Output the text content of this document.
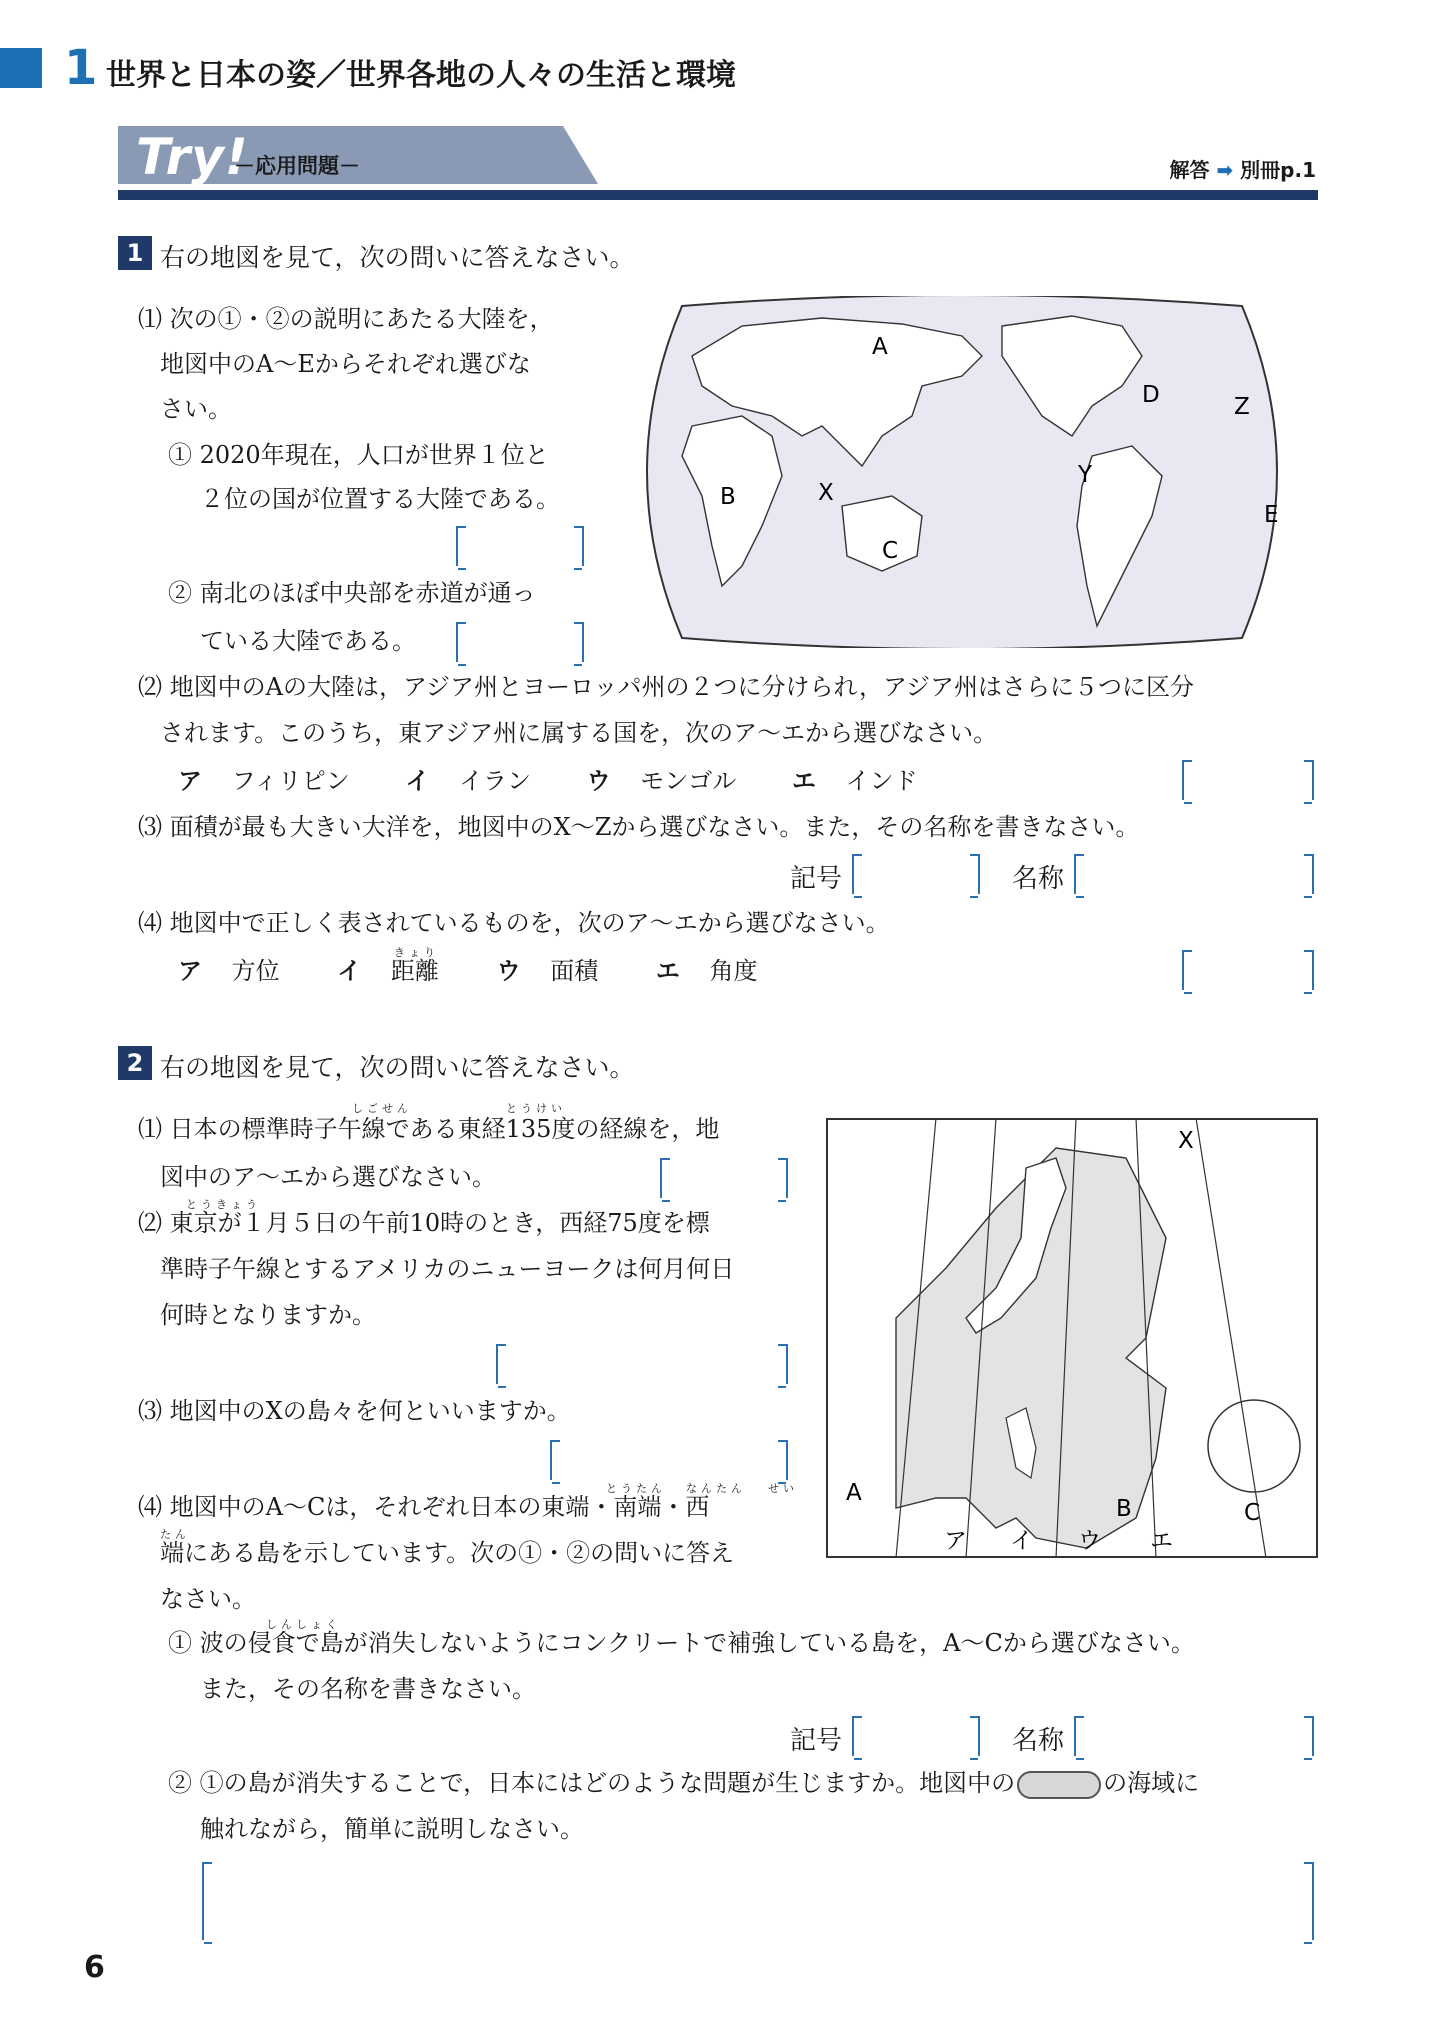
1 世界と日本の姿／世界各地の人々の生活と環境
Try!
－応用問題－	解答 ➡ 別冊p.1
1 右の地図を見て，次の問いに答えなさい。
⑴ 次の①・②の説明にあたる大陸を，
地図中のA～Eからそれぞれ選びな
さい。
① 2020年現在，人口が世界１位と
２位の国が位置する大陸である。
② 南北のほぼ中央部を赤道が通っ
ている大陸である。
A
B
C
D
E
X
Y
Z
⑵ 地図中のAの大陸は，アジア州とヨーロッパ州の２つに分けられ，アジア州はさらに５つに区分
されます。このうち，東アジア州に属する国を，次のア～エから選びなさい。
ア フィリピン イ イラン ウ モンゴル エ インド
⑶ 面積が最も大きい大洋を，地図中のX～Zから選びなさい。また，その名称を書きなさい。
記号	名称
⑷ 地図中で正しく表されているものを，次のア～エから選びなさい。
きょり
ア 方位 イ 距離 ウ 面積 エ 角度
2 右の地図を見て，次の問いに答えなさい。
しごせん	とうけい
⑴ 日本の標準時子午線である東経135度の経線を，地
図中のア～エから選びなさい。
とうきょう
⑵ 東京が１月５日の午前10時のとき，西経75度を標
準時子午線とするアメリカのニューヨークは何月何日
何時となりますか。
⑶ 地図中のXの島々を何といいますか。
とうたん なんたん せい
⑷ 地図中のA～Cは，それぞれ日本の東端・南端・西
たん
端にある島を示しています。次の①・②の問いに答え
なさい。
X
A
B	C
ア イ ウ エ
しんしょく
① 波の侵食で島が消失しないようにコンクリートで補強している島を，A～Cから選びなさい。
また，その名称を書きなさい。
記号	名称
② ①の島が消失することで，日本にはどのような問題が生じますか。地図中の	の海域に
触れながら，簡単に説明しなさい。
6
